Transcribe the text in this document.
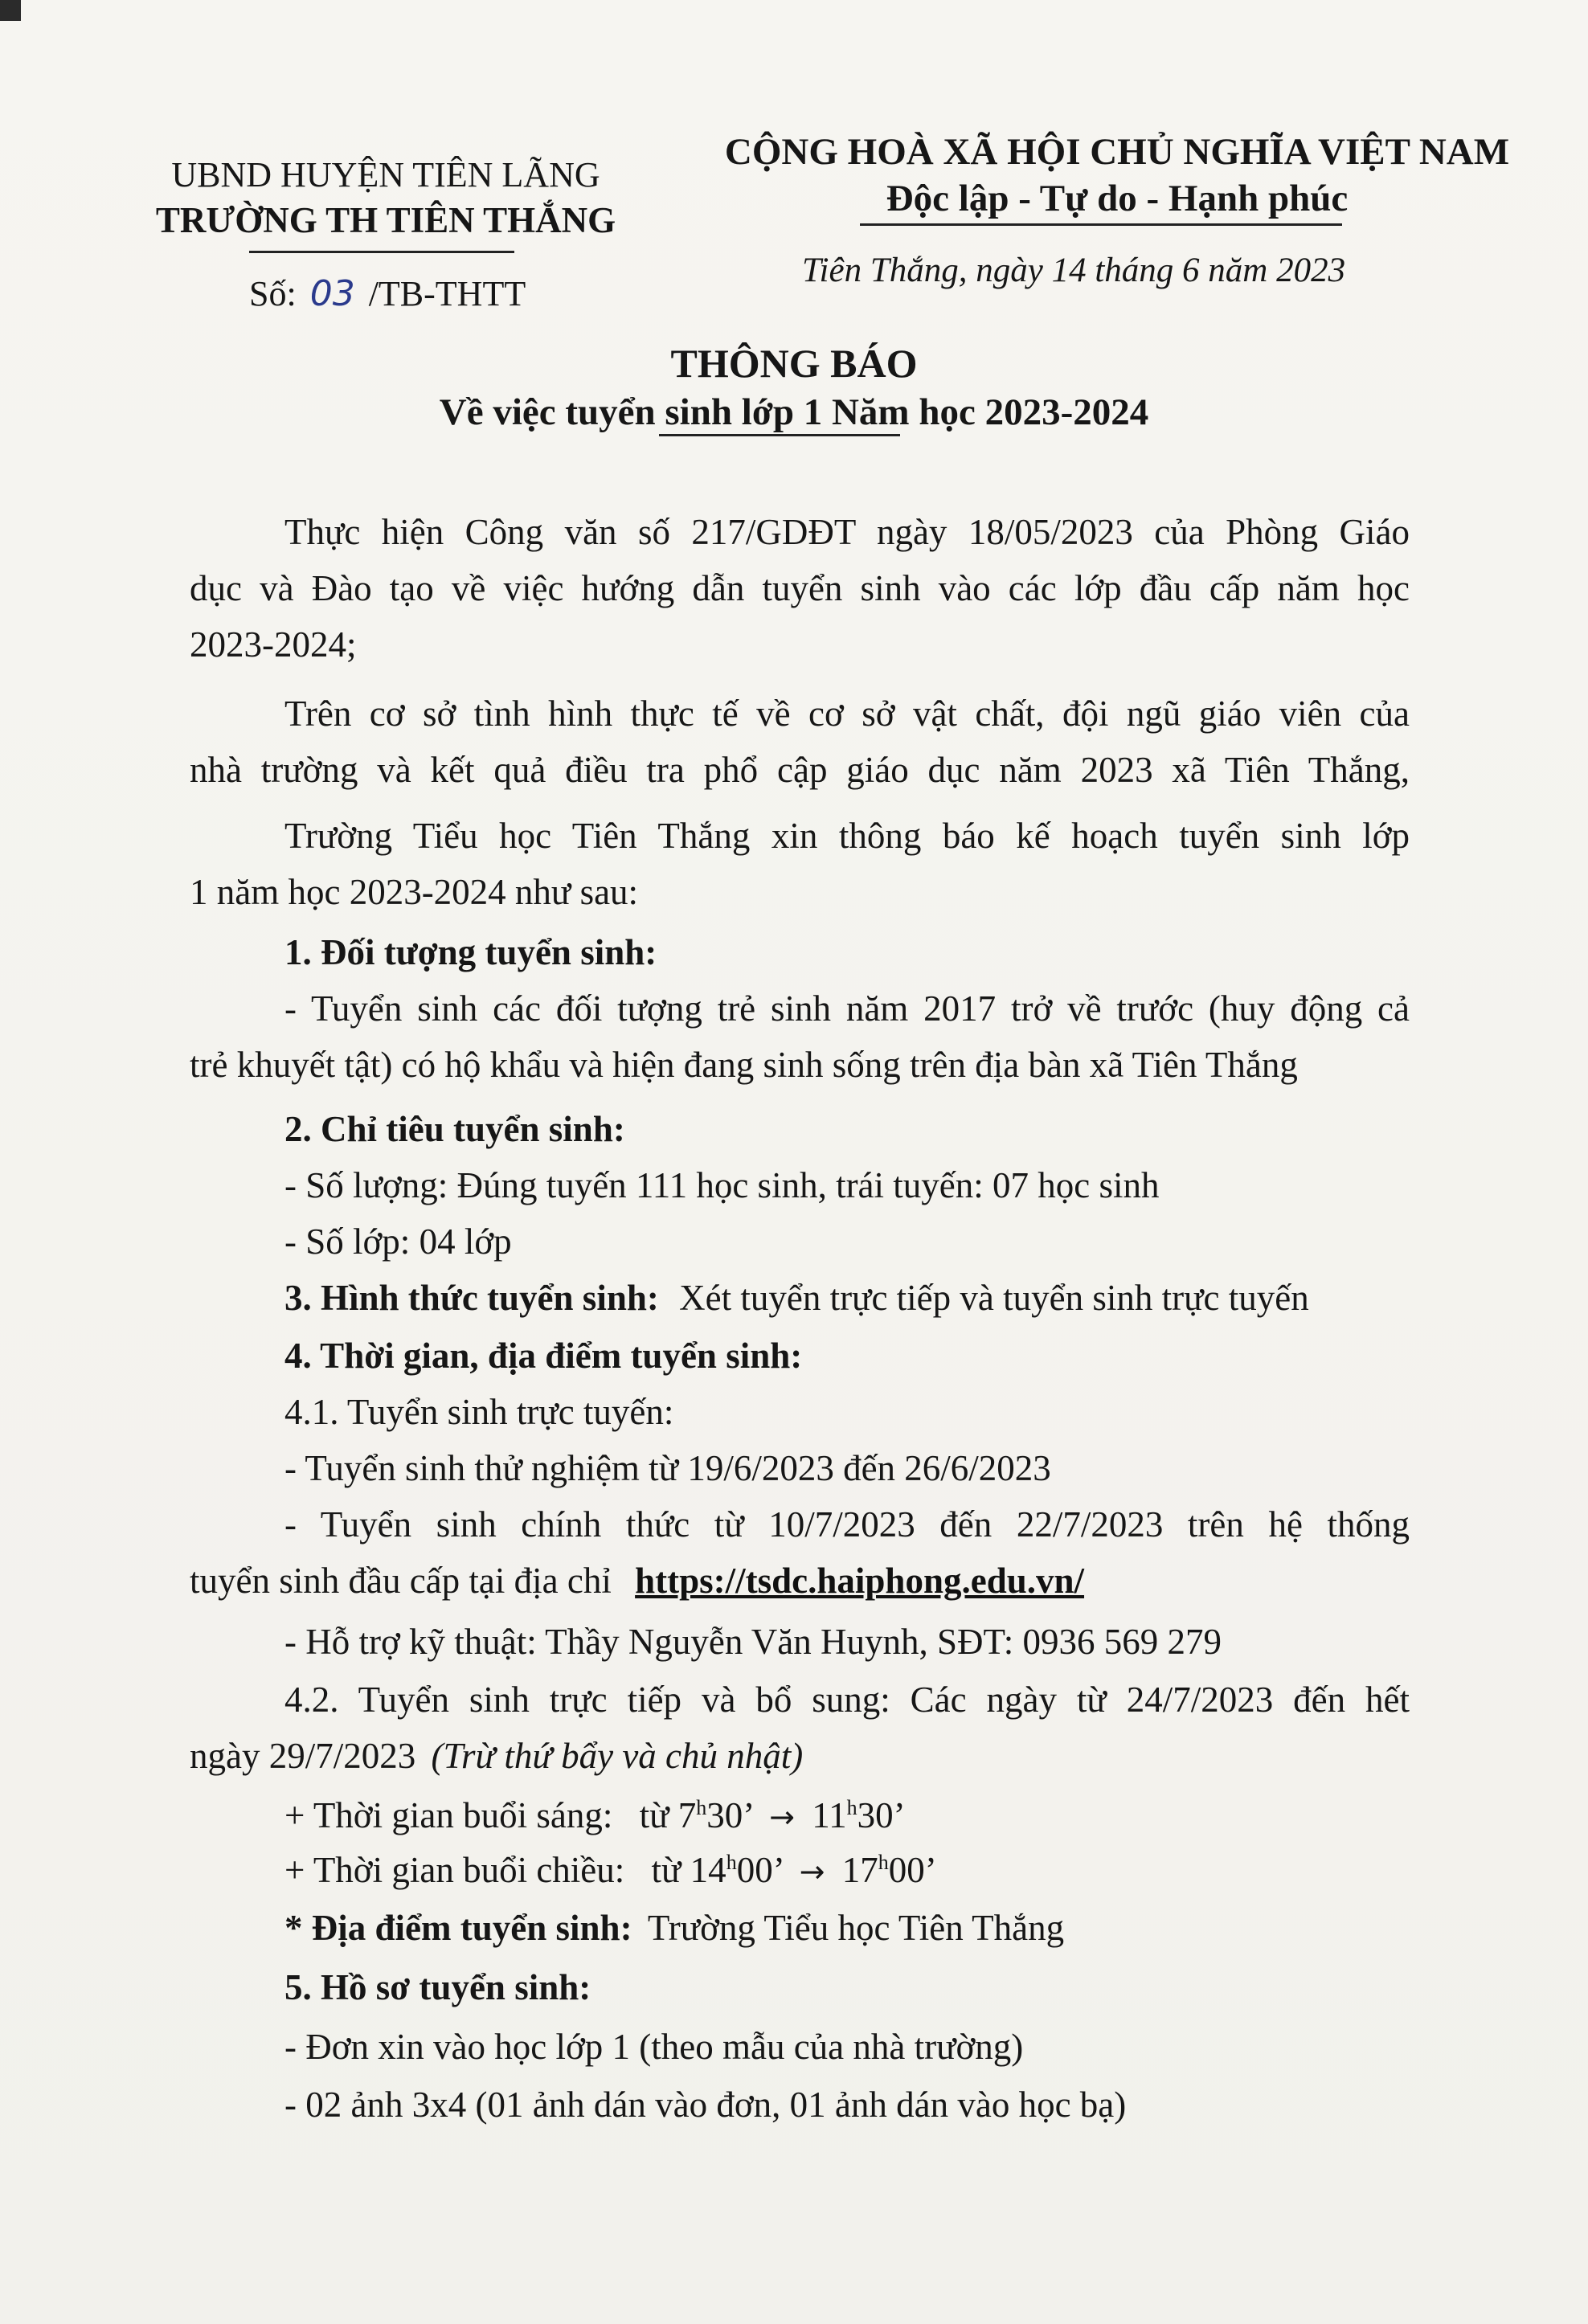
UBND HUYỆN TIÊN LÃNG
TRƯỜNG TH TIÊN THẮNG
Số: 03 /TB-THTT
CỘNG HOÀ XÃ HỘI CHỦ NGHĨA VIỆT NAM
Độc lập - Tự do - Hạnh phúc
Tiên Thắng, ngày 14 tháng 6 năm 2023
THÔNG BÁO
Về việc tuyển sinh lớp 1 Năm học 2023-2024
Thực hiện Công văn số 217/GDĐT ngày 18/05/2023 của Phòng Giáo
dục và Đào tạo về việc hướng dẫn tuyển sinh vào các lớp đầu cấp năm học
2023-2024;
Trên cơ sở tình hình thực tế về cơ sở vật chất, đội ngũ giáo viên của
nhà trường và kết quả điều tra phổ cập giáo dục năm 2023 xã Tiên Thắng,
Trường Tiểu học Tiên Thắng xin thông báo kế hoạch tuyển sinh lớp
1 năm học 2023-2024 như sau:
1. Đối tượng tuyển sinh:
- Tuyển sinh các đối tượng trẻ sinh năm 2017 trở về trước (huy động cả
trẻ khuyết tật) có hộ khẩu và hiện đang sinh sống trên địa bàn xã Tiên Thắng
2. Chỉ tiêu tuyển sinh:
- Số lượng: Đúng tuyến 111 học sinh, trái tuyến: 07 học sinh
- Số lớp: 04 lớp
3. Hình thức tuyển sinh: Xét tuyển trực tiếp và tuyển sinh trực tuyến
4. Thời gian, địa điểm tuyển sinh:
4.1. Tuyển sinh trực tuyến:
- Tuyển sinh thử nghiệm từ 19/6/2023 đến 26/6/2023
- Tuyển sinh chính thức từ 10/7/2023 đến 22/7/2023 trên hệ thống
tuyển sinh đầu cấp tại địa chỉ https://tsdc.haiphong.edu.vn/
- Hỗ trợ kỹ thuật: Thầy Nguyễn Văn Huynh, SĐT: 0936 569 279
4.2. Tuyển sinh trực tiếp và bổ sung: Các ngày từ 24/7/2023 đến hết
ngày 29/7/2023 (Trừ thứ bẩy và chủ nhật)
+ Thời gian buổi sáng: từ $7^h30$’ → $11^h30$’
+ Thời gian buổi chiều: từ $14^h00$’ → $17^h00$’
* Địa điểm tuyển sinh: Trường Tiểu học Tiên Thắng
5. Hồ sơ tuyển sinh:
- Đơn xin vào học lớp 1 (theo mẫu của nhà trường)
- 02 ảnh 3x4 (01 ảnh dán vào đơn, 01 ảnh dán vào học bạ)
